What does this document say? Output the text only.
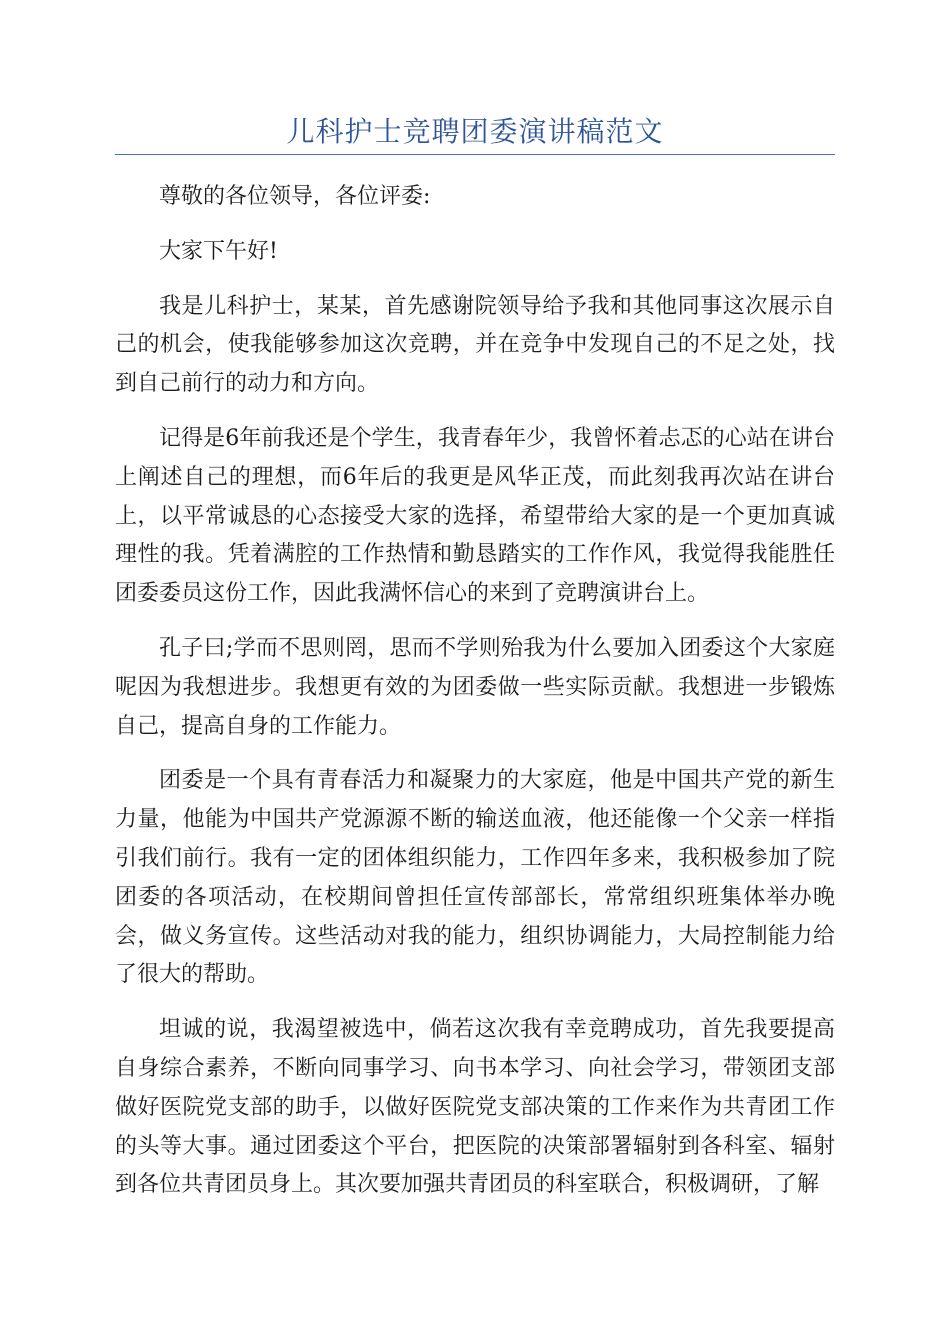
儿科护士竞聘团委演讲稿范文

尊敬的各位领导，各位评委:

大家下午好!

我是儿科护士，某某，首先感谢院领导给予我和其他同事这次展示自己的机会，使我能够参加这次竞聘，并在竞争中发现自己的不足之处，找到自己前行的动力和方向。

记得是6年前我还是个学生，我青春年少，我曾怀着忐忑的心站在讲台上阐述自己的理想，而6年后的我更是风华正茂，而此刻我再次站在讲台上，以平常诚恳的心态接受大家的选择，希望带给大家的是一个更加真诚理性的我。凭着满腔的工作热情和勤恳踏实的工作作风，我觉得我能胜任团委委员这份工作，因此我满怀信心的来到了竞聘演讲台上。

孔子曰;学而不思则罔，思而不学则殆我为什么要加入团委这个大家庭呢因为我想进步。我想更有效的为团委做一些实际贡献。我想进一步锻炼自己，提高自身的工作能力。

团委是一个具有青春活力和凝聚力的大家庭，他是中国共产党的新生力量，他能为中国共产党源源不断的输送血液，他还能像一个父亲一样指引我们前行。我有一定的团体组织能力，工作四年多来，我积极参加了院团委的各项活动，在校期间曾担任宣传部部长，常常组织班集体举办晚会，做义务宣传。这些活动对我的能力，组织协调能力，大局控制能力给了很大的帮助。

坦诚的说，我渴望被选中，倘若这次我有幸竞聘成功，首先我要提高自身综合素养，不断向同事学习、向书本学习、向社会学习，带领团支部做好医院党支部的助手，以做好医院党支部决策的工作来作为共青团工作的头等大事。通过团委这个平台，把医院的决策部署辐射到各科室、辐射到各位共青团员身上。其次要加强共青团员的科室联合，积极调研，了解
